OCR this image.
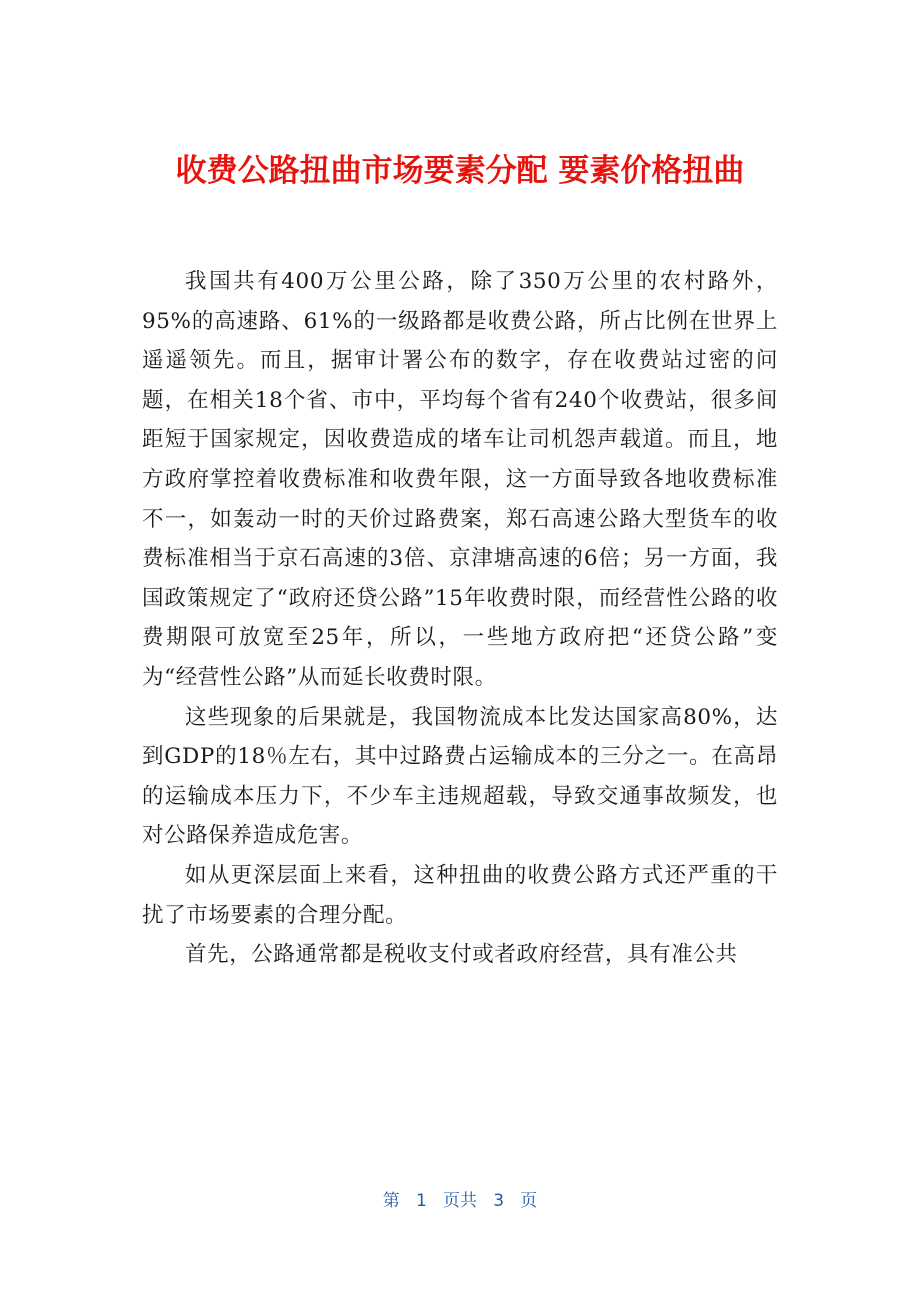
收费公路扭曲市场要素分配 要素价格扭曲

我国共有400万公里公路，除了350万公里的农村路外，95%的高速路、61%的一级路都是收费公路，所占比例在世界上遥遥领先。而且，据审计署公布的数字，存在收费站过密的问题，在相关18个省、市中，平均每个省有240个收费站，很多间距短于国家规定，因收费造成的堵车让司机怨声载道。而且，地方政府掌控着收费标准和收费年限，这一方面导致各地收费标准不一，如轰动一时的天价过路费案，郑石高速公路大型货车的收费标准相当于京石高速的3倍、京津塘高速的6倍；另一方面，我国政策规定了“政府还贷公路”15年收费时限，而经营性公路的收费期限可放宽至25年，所以，一些地方政府把“还贷公路”变为“经营性公路”从而延长收费时限。

这些现象的后果就是，我国物流成本比发达国家高80%，达到GDP的18％左右，其中过路费占运输成本的三分之一。在高昂的运输成本压力下，不少车主违规超载，导致交通事故频发，也对公路保养造成危害。

如从更深层面上来看，这种扭曲的收费公路方式还严重的干扰了市场要素的合理分配。

首先，公路通常都是税收支付或者政府经营，具有准公共

第 1 页共 3 页
